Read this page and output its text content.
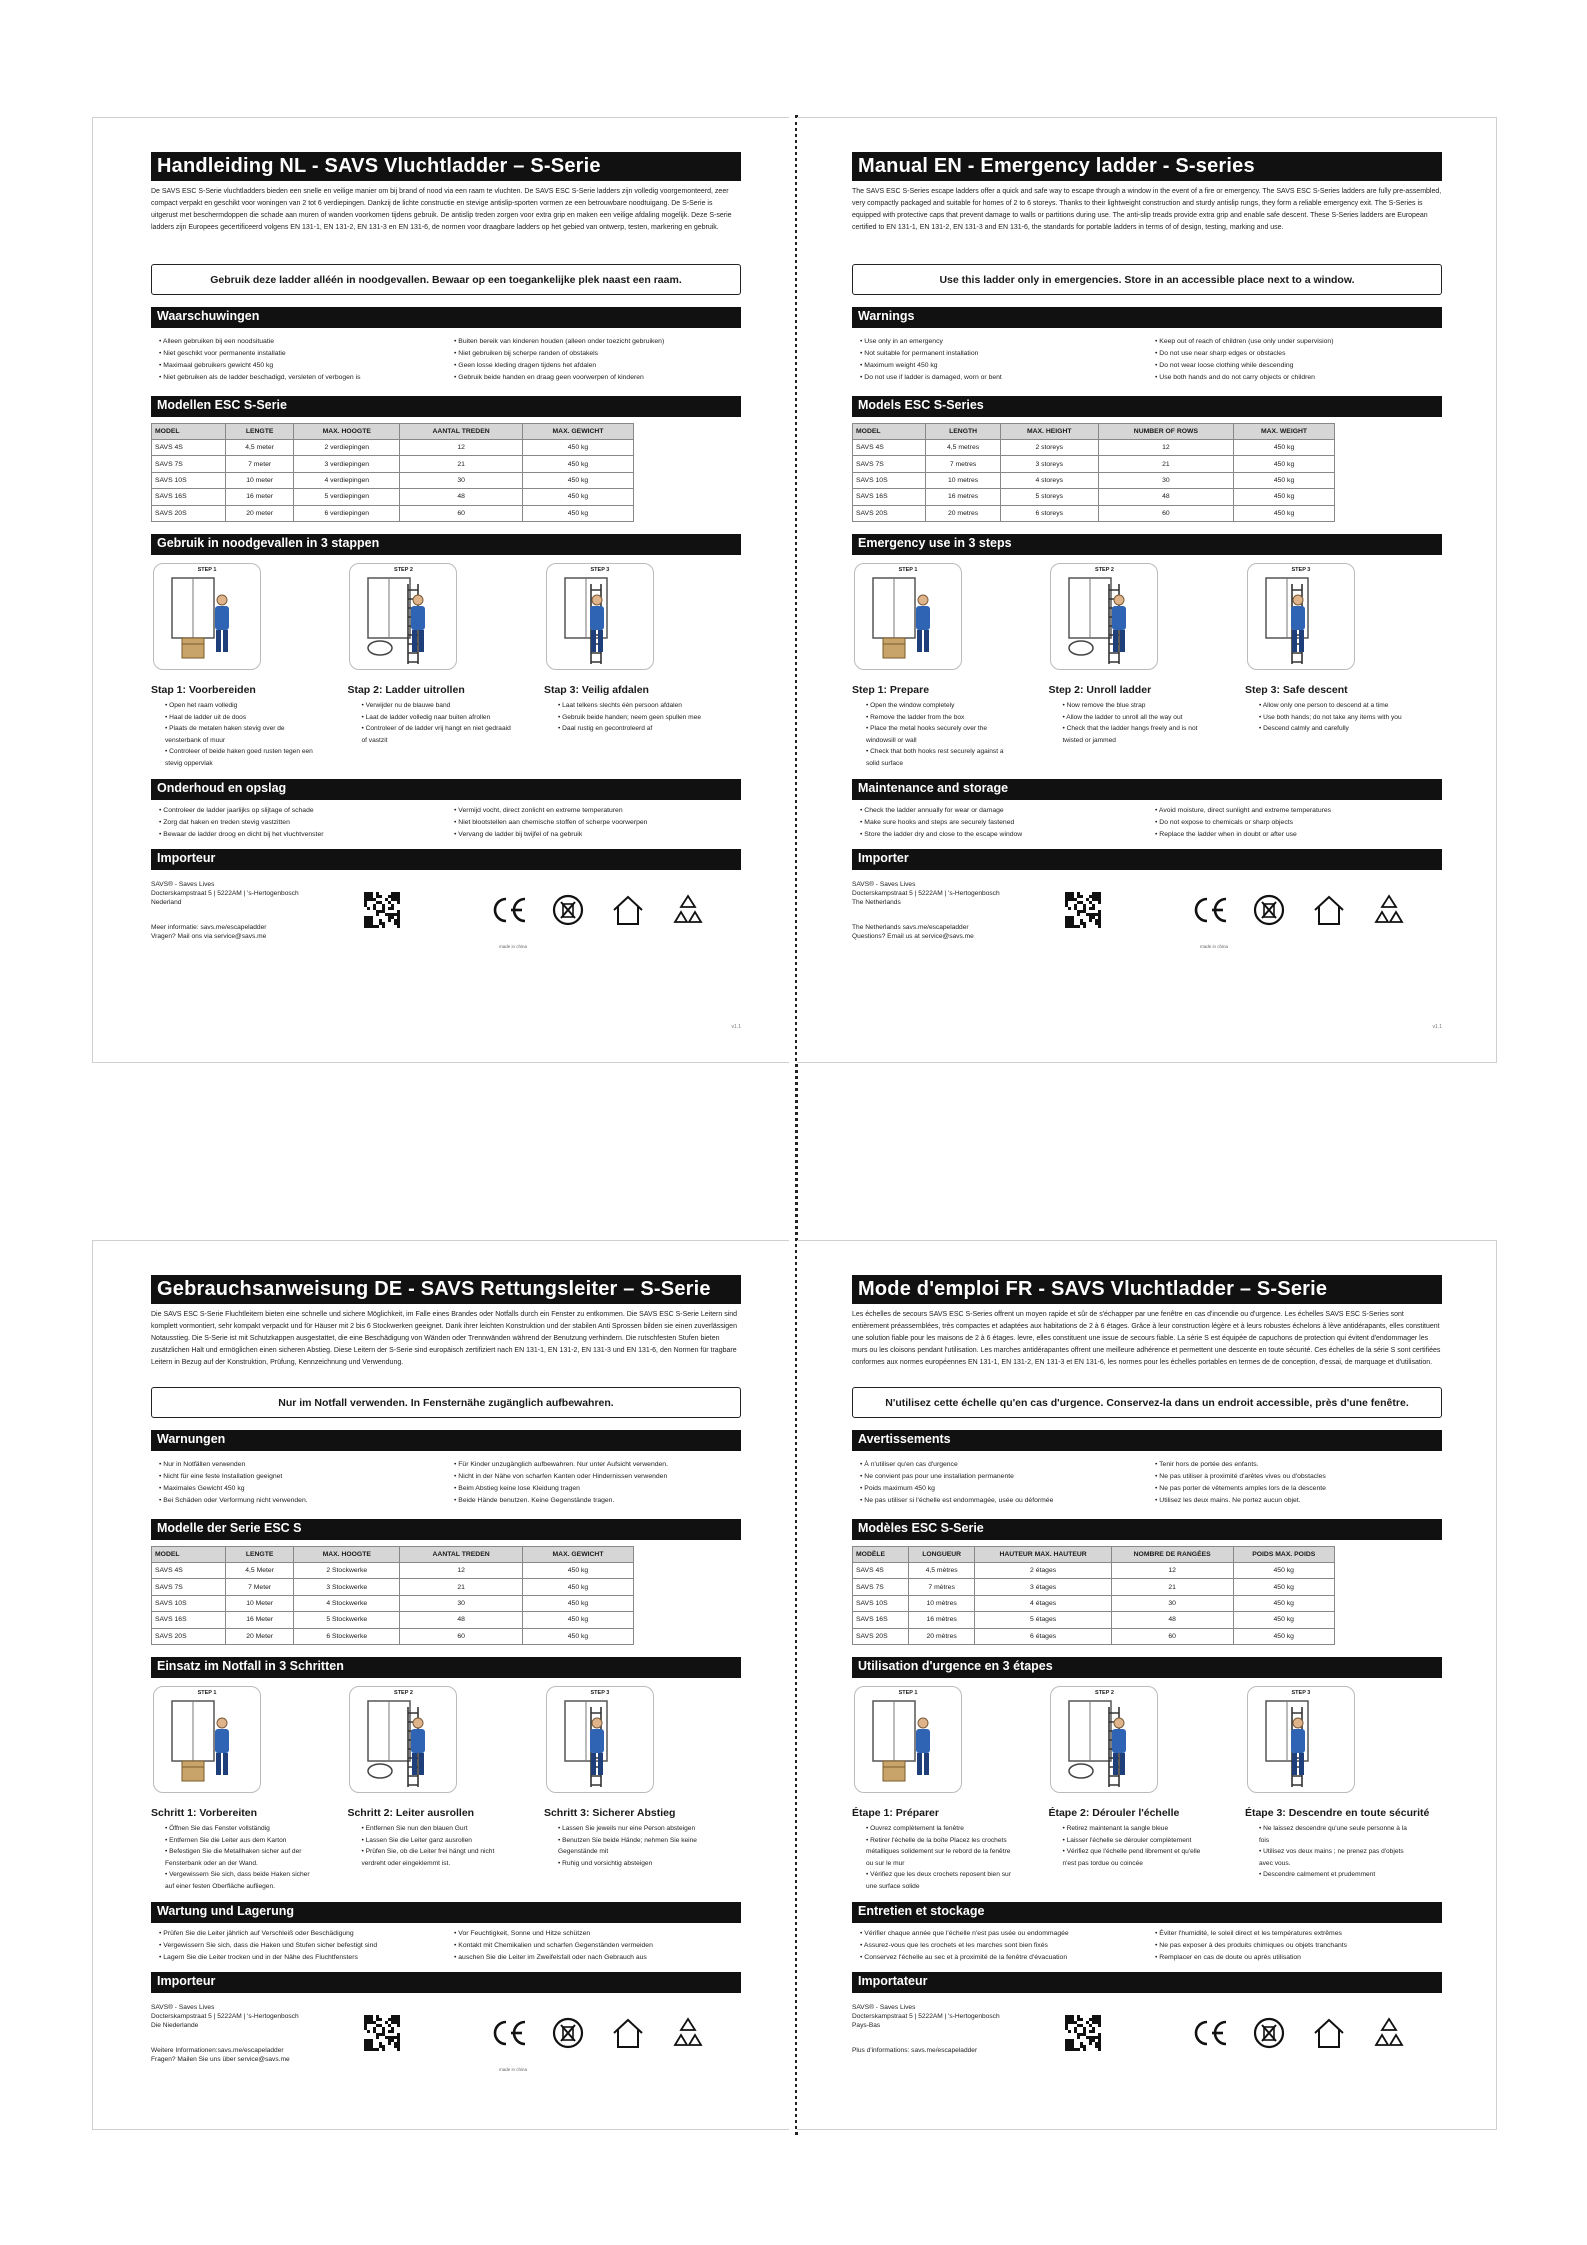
Handleiding NL - SAVS Vluchtladder – S-Serie
De SAVS ESC S-Serie vluchtladders bieden een snelle en veilige manier om bij brand of nood via een raam te vluchten. De SAVS ESC S-Serie ladders zijn volledig voorgemonteerd, zeer compact verpakt en geschikt voor woningen van 2 tot 6 verdiepingen. Dankzij de lichte constructie en stevige antislip-sporten vormen ze een betrouwbare noodtuigang. De S-Serie is uitgerust met beschermdoppen die schade aan muren of wanden voorkomen tijdens gebruik. De antislip treden zorgen voor extra grip en maken een veilige afdaling mogelijk. Deze S-serie ladders zijn Europees gecertificeerd volgens EN 131-1, EN 131-2, EN 131-3 en EN 131-6, de normen voor draagbare ladders op het gebied van ontwerp, testen, markering en gebruik.
Gebruik deze ladder alléén in noodgevallen. Bewaar op een toegankelijke plek naast een raam.
Waarschuwingen
• Alleen gebruiken bij een noodsituatie
• Niet geschikt voor permanente installatie
• Maximaal gebruikers gewicht 450 kg
• Niet gebruiken als de ladder beschadigd, versleten of verbogen is
• Buiten bereik van kinderen houden (alleen onder toezicht gebruiken)
• Niet gebruiken bij scherpe randen of obstakels
• Geen losse kleding dragen tijdens het afdalen
• Gebruik beide handen en draag geen voorwerpen of kinderen
Modellen ESC S-Serie
MODEL	LENGTE	MAX. HOOGTE	AANTAL TREDEN	MAX. GEWICHT
SAVS 4S	4,5 meter	2 verdiepingen	12	450 kg
SAVS 7S	7 meter	3 verdiepingen	21	450 kg
SAVS 10S	10 meter	4 verdiepingen	30	450 kg
SAVS 16S	16 meter	5 verdiepingen	48	450 kg
SAVS 20S	20 meter	6 verdiepingen	60	450 kg
Gebruik in noodgevallen in 3 stappen
STEP 1
Stap 1: Voorbereiden
• Open het raam volledig
• Haal de ladder uit de doos
• Plaats de metalen haken stevig over de vensterbank of muur
• Controleer of beide haken goed rusten tegen een stevig oppervlak
STEP 2
Stap 2: Ladder uitrollen
• Verwijder nu de blauwe band
• Laat de ladder volledig naar buiten afrollen
• Controleer of de ladder vrij hangt en niet gedraaid of vastzit
STEP 3
Stap 3: Veilig afdalen
• Laat telkens slechts één persoon afdalen
• Gebruik beide handen; neem geen spullen mee
• Daal rustig en gecontroleerd af
Onderhoud en opslag
• Controleer de ladder jaarlijks op slijtage of schade
• Zorg dat haken en treden stevig vastzitten
• Bewaar de ladder droog en dicht bij het vluchtvenster
• Vermijd vocht, direct zonlicht en extreme temperaturen
• Niet blootstellen aan chemische stoffen of scherpe voorwerpen
• Vervang de ladder bij twijfel of na gebruik
Importeur
SAVS® - Saves Lives
Docterskampstraat 5 | 5222AM | 's-Hertogenbosch
Nederland
Meer informatie: savs.me/escapeladder
Vragen? Mail ons via service@savs.me
made in china
v1.1
Manual EN - Emergency ladder - S-series
The SAVS ESC S-Series escape ladders offer a quick and safe way to escape through a window in the event of a fire or emergency. The SAVS ESC S-Series ladders are fully pre-assembled, very compactly packaged and suitable for homes of 2 to 6 storeys. Thanks to their lightweight construction and sturdy antislip rungs, they form a reliable emergency exit. The S-Series is equipped with protective caps that prevent damage to walls or partitions during use. The anti-slip treads provide extra grip and enable safe descent. These S-Series ladders are European certified to EN 131-1, EN 131-2, EN 131-3 and EN 131-6, the standards for portable ladders in terms of of design, testing, marking and use.
Use this ladder only in emergencies. Store in an accessible place next to a window.
Warnings
• Use only in an emergency
• Not suitable for permanent installation
• Maximum weight 450 kg
• Do not use if ladder is damaged, worn or bent
• Keep out of reach of children (use only under supervision)
• Do not use near sharp edges or obstacles
• Do not wear loose clothing while descending
• Use both hands and do not carry objects or children
Models ESC S-Series
MODEL	LENGTH	MAX. HEIGHT	NUMBER OF ROWS	MAX. WEIGHT
SAVS 4S	4,5 metres	2 storeys	12	450 kg
SAVS 7S	7 metres	3 storeys	21	450 kg
SAVS 10S	10 metres	4 storeys	30	450 kg
SAVS 16S	16 metres	5 storeys	48	450 kg
SAVS 20S	20 metres	6 storeys	60	450 kg
Emergency use in 3 steps
STEP 1
Step 1: Prepare
• Open the window completely
• Remove the ladder from the box
• Place the metal hooks securely over the windowsill or wall
• Check that both hooks rest securely against a solid surface
STEP 2
Step 2: Unroll ladder
• Now remove the blue strap
• Allow the ladder to unroll all the way out
• Check that the ladder hangs freely and is not twisted or jammed
STEP 3
Step 3: Safe descent
• Allow only one person to descend at a time
• Use both hands; do not take any items with you
• Descend calmly and carefully
Maintenance and storage
• Check the ladder annually for wear or damage
• Make sure hooks and steps are securely fastened
• Store the ladder dry and close to the escape window
• Avoid moisture, direct sunlight and extreme temperatures
• Do not expose to chemicals or sharp objects
• Replace the ladder when in doubt or after use
Importer
SAVS® - Saves Lives
Docterskampstraat 5 | 5222AM | 's-Hertogenbosch
The Netherlands
The Netherlands savs.me/escapeladder
Questions? Email us at service@savs.me
made in china
v1.1
Gebrauchsanweisung DE - SAVS Rettungsleiter – S-Serie
Die SAVS ESC S-Serie Fluchtleitern bieten eine schnelle und sichere Möglichkeit, im Falle eines Brandes oder Notfalls durch ein Fenster zu entkommen. Die SAVS ESC S-Serie Leitern sind komplett vormontiert, sehr kompakt verpackt und für Häuser mit 2 bis 6 Stockwerken geeignet. Dank ihrer leichten Konstruktion und der stabilen Anti Sprossen bilden sie einen zuverlässigen Notausstieg. Die S-Serie ist mit Schutzkappen ausgestattet, die eine Beschädigung von Wänden oder Trennwänden während der Benutzung verhindern. Die rutschfesten Stufen bieten zusätzlichen Halt und ermöglichen einen sicheren Abstieg. Diese Leitern der S-Serie sind europäisch zertifiziert nach EN 131-1, EN 131-2, EN 131-3 und EN 131-6, den Normen für tragbare Leitern in Bezug auf der Konstruktion, Prüfung, Kennzeichnung und Verwendung.
Nur im Notfall verwenden. In Fensternähe zugänglich aufbewahren.
Warnungen
• Nur in Notfällen verwenden
• Nicht für eine feste Installation geeignet
• Maximales Gewicht 450 kg
• Bei Schäden oder Verformung nicht verwenden.
• Für Kinder unzugänglich aufbewahren. Nur unter Aufsicht verwenden.
• Nicht in der Nähe von scharfen Kanten oder Hindernissen verwenden
• Beim Abstieg keine lose Kleidung tragen
• Beide Hände benutzen. Keine Gegenstände tragen.
Modelle der Serie ESC S
MODEL	LENGTE	MAX. HOOGTE	AANTAL TREDEN	MAX. GEWICHT
SAVS 4S	4,5 Meter	2 Stockwerke	12	450 kg
SAVS 7S	7 Meter	3 Stockwerke	21	450 kg
SAVS 10S	10 Meter	4 Stockwerke	30	450 kg
SAVS 16S	16 Meter	5 Stockwerke	48	450 kg
SAVS 20S	20 Meter	6 Stockwerke	60	450 kg
Einsatz im Notfall in 3 Schritten
STEP 1
Schritt 1: Vorbereiten
• Öffnen Sie das Fenster vollständig
• Entfernen Sie die Leiter aus dem Karton
• Befestigen Sie die Metallhaken sicher auf der Fensterbank oder an der Wand.
• Vergewissern Sie sich, dass beide Haken sicher auf einer festen Oberfläche aufliegen.
STEP 2
Schritt 2: Leiter ausrollen
• Entfernen Sie nun den blauen Gurt
• Lassen Sie die Leiter ganz ausrollen
• Prüfen Sie, ob die Leiter frei hängt und nicht verdreht oder eingeklemmt ist.
STEP 3
Schritt 3: Sicherer Abstieg
• Lassen Sie jeweils nur eine Person absteigen
• Benutzen Sie beide Hände; nehmen Sie keine Gegenstände mit
• Ruhig und vorsichtig absteigen
Wartung und Lagerung
• Prüfen Sie die Leiter jährlich auf Verschleiß oder Beschädigung
• Vergewissern Sie sich, dass die Haken und Stufen sicher befestigt sind
• Lagern Sie die Leiter trocken und in der Nähe des Fluchtfensters
• Vor Feuchtigkeit, Sonne und Hitze schützen
• Kontakt mit Chemikalien und scharfen Gegenständen vermeiden
• auschen Sie die Leiter im Zweifelsfall oder nach Gebrauch aus
Importeur
SAVS® - Saves Lives
Docterskampstraat 5 | 5222AM | 's-Hertogenbosch
Die Niederlande
Weitere Informationen:savs.me/escapeladder
Fragen? Mailen Sie uns über service@savs.me
made in china
Mode d'emploi FR - SAVS Vluchtladder – S-Serie
Les échelles de secours SAVS ESC S-Series offrent un moyen rapide et sûr de s'échapper par une fenêtre en cas d'incendie ou d'urgence. Les échelles SAVS ESC S-Series sont entièrement préassemblées, très compactes et adaptées aux habitations de 2 à 6 étages. Grâce à leur construction légère et à leurs robustes échelons à lève antidérapants, elles constituent une solution fiable pour les maisons de 2 à 6 étages. levre, elles constituent une issue de secours fiable. La série S est équipée de capuchons de protection qui évitent d'endommager les murs ou les cloisons pendant l'utilisation. Les marches antidérapantes offrent une meilleure adhérence et permettent une descente en toute sécurité. Ces échelles de la série S sont certifiées conformes aux normes européennes EN 131-1, EN 131-2, EN 131-3 et EN 131-6, les normes pour les échelles portables en termes de de conception, d'essai, de marquage et d'utilisation.
N'utilisez cette échelle qu'en cas d'urgence. Conservez-la dans un endroit accessible, près d'une fenêtre.
Avertissements
• À n'utiliser qu'en cas d'urgence
• Ne convient pas pour une installation permanente
• Poids maximum 450 kg
• Ne pas utiliser si l'échelle est endommagée, usée ou déformée
• Tenir hors de portée des enfants.
• Ne pas utiliser à proximité d'arêtes vives ou d'obstacles
• Ne pas porter de vêtements amples lors de la descente
• Utilisez les deux mains. Ne portez aucun objet.
Modèles ESC S-Serie
MODÈLE	LONGUEUR	HAUTEUR MAX. HAUTEUR	NOMBRE DE RANGÉES	POIDS MAX. POIDS
SAVS 4S	4,5 mètres	2 étages	12	450 kg
SAVS 7S	7 mètres	3 étages	21	450 kg
SAVS 10S	10 mètres	4 étages	30	450 kg
SAVS 16S	16 mètres	5 étages	48	450 kg
SAVS 20S	20 mètres	6 étages	60	450 kg
Utilisation d'urgence en 3 étapes
STEP 1
Étape 1: Préparer
• Ouvrez complètement la fenêtre
• Retirer l'échelle de la boîte Placez les crochets métalliques solidement sur le rebord de la fenêtre ou sur le mur
• Vérifiez que les deux crochets reposent bien sur une surface solide
STEP 2
Étape 2: Dérouler l'échelle
• Retirez maintenant la sangle bleue
• Laisser l'échelle se dérouler complètement
• Vérifiez que l'échelle pend librement et qu'elle n'est pas tordue ou coincée
STEP 3
Étape 3: Descendre en toute sécurité
• Ne laissez descendre qu'une seule personne à la fois
• Utilisez vos deux mains ; ne prenez pas d'objets avec vous.
• Descendre calmement et prudemment
Entretien et stockage
• Vérifier chaque année que l'échelle n'est pas usée ou endommagée
• Assurez-vous que les crochets et les marches sont bien fixés
• Conservez l'échelle au sec et à proximité de la fenêtre d'évacuation
• Éviter l'humidité, le soleil direct et les températures extrêmes
• Ne pas exposer à des produits chimiques ou objets tranchants
• Remplacer en cas de doute ou après utilisation
Importateur
SAVS® - Saves Lives
Docterskampstraat 5 | 5222AM | 's-Hertogenbosch
Pays-Bas
Plus d'informations: savs.me/escapeladder
